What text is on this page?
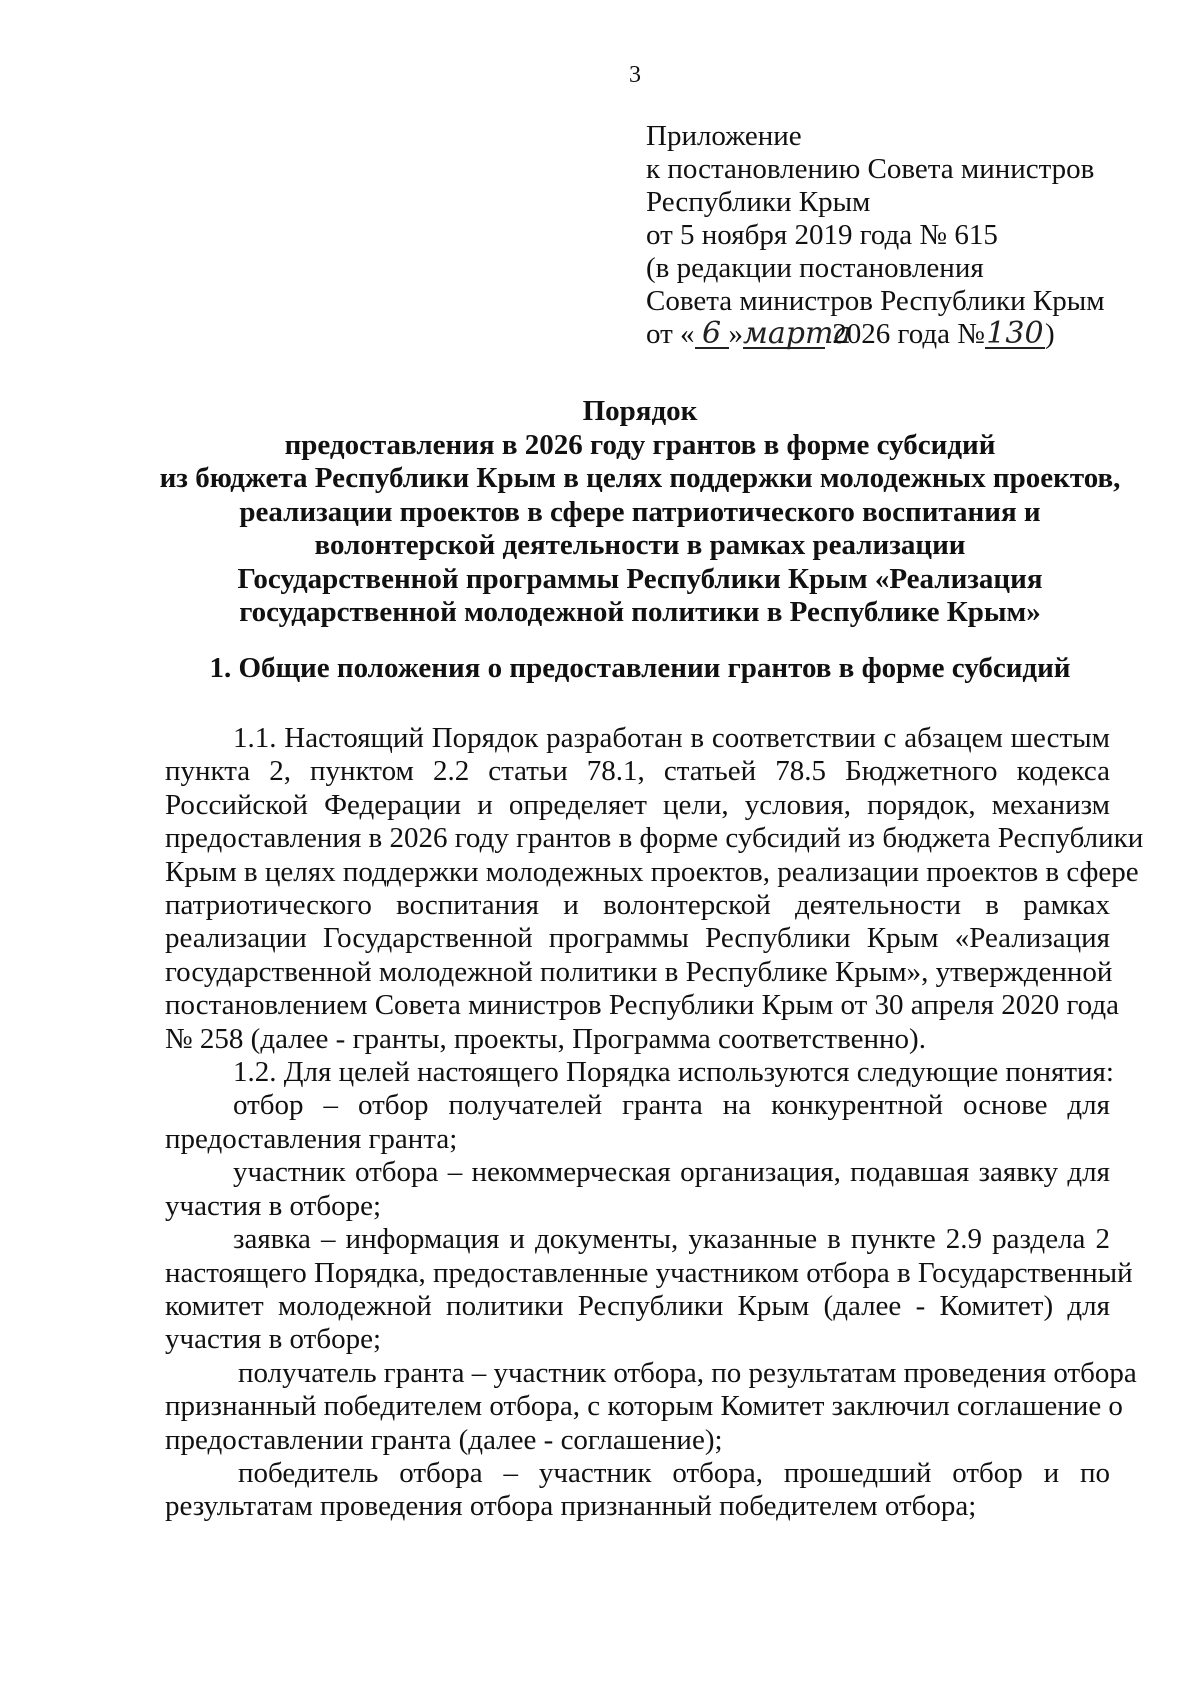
3
Приложение
к постановлению Совета министров
Республики Крым
от 5 ноября 2019 года № 615
(в редакции постановления
Совета министров Республики Крым
от « 6 »марта 2026 года №130)
Порядок
предоставления в 2026 году грантов в форме субсидий
из бюджета Республики Крым в целях поддержки молодежных проектов,
реализации проектов в сфере патриотического воспитания и
волонтерской деятельности в рамках реализации
Государственной программы Республики Крым «Реализация
государственной молодежной политики в Республике Крым»
1. Общие положения о предоставлении грантов в форме субсидий
1.1. Настоящий Порядок разработан в соответствии с абзацем шестым
пункта 2, пунктом 2.2 статьи 78.1, статьей 78.5 Бюджетного кодекса
Российской Федерации и определяет цели, условия, порядок, механизм
предоставления в 2026 году грантов в форме субсидий из бюджета Республики
Крым в целях поддержки молодежных проектов, реализации проектов в сфере
патриотического воспитания и волонтерской деятельности в рамках
реализации Государственной программы Республики Крым «Реализация
государственной молодежной политики в Республике Крым», утвержденной
постановлением Совета министров Республики Крым от 30 апреля 2020 года
№ 258 (далее - гранты, проекты, Программа соответственно).
1.2. Для целей настоящего Порядка используются следующие понятия:
отбор – отбор получателей гранта на конкурентной основе для
предоставления гранта;
участник отбора – некоммерческая организация, подавшая заявку для
участия в отборе;
заявка – информация и документы, указанные в пункте 2.9 раздела 2
настоящего Порядка, предоставленные участником отбора в Государственный
комитет молодежной политики Республики Крым (далее - Комитет) для
участия в отборе;
получатель гранта – участник отбора, по результатам проведения отбора
признанный победителем отбора, с которым Комитет заключил соглашение о
предоставлении гранта (далее - соглашение);
победитель отбора – участник отбора, прошедший отбор и по
результатам проведения отбора признанный победителем отбора;
